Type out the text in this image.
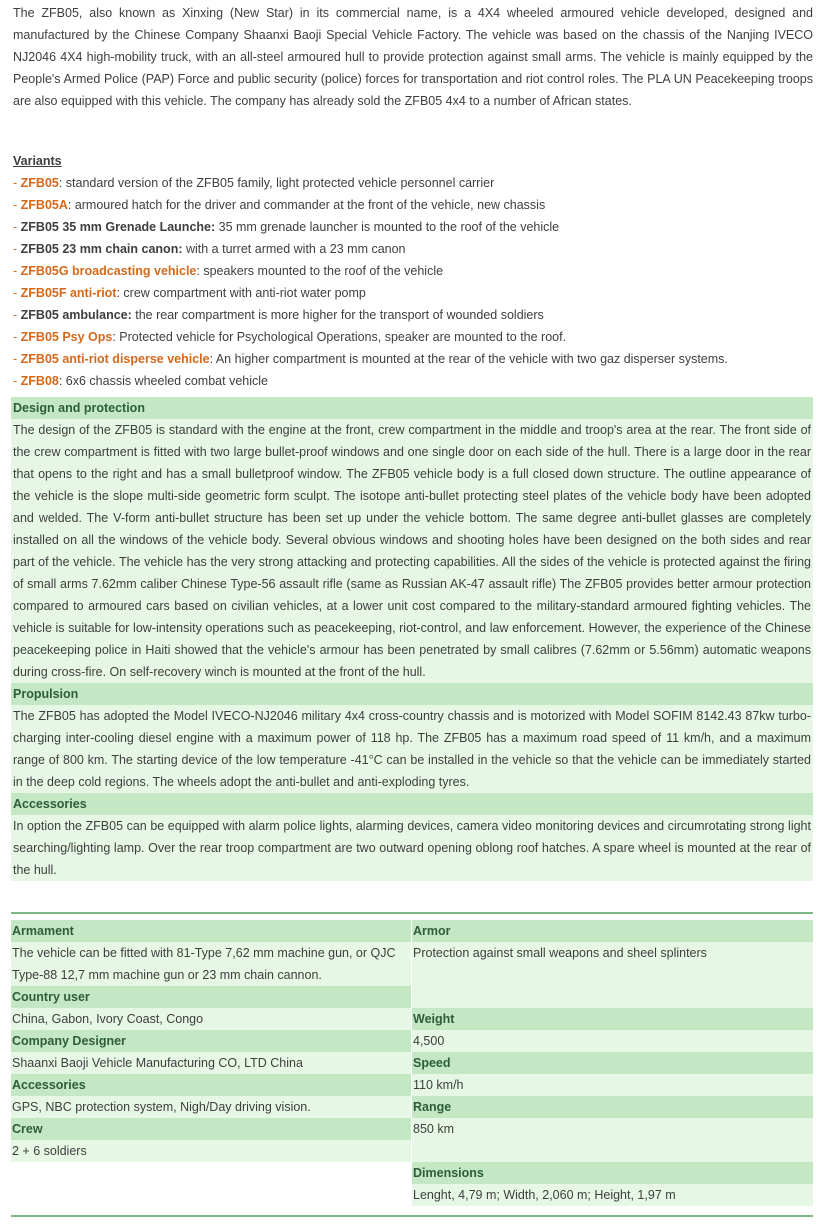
The ZFB05, also known as Xinxing (New Star) in its commercial name, is a 4X4 wheeled armoured vehicle developed, designed and manufactured by the Chinese Company Shaanxi Baoji Special Vehicle Factory. The vehicle was based on the chassis of the Nanjing IVECO NJ2046 4X4 high-mobility truck, with an all-steel armoured hull to provide protection against small arms. The vehicle is mainly equipped by the People's Armed Police (PAP) Force and public security (police) forces for transportation and riot control roles. The PLA UN Peacekeeping troops are also equipped with this vehicle. The company has already sold the ZFB05 4x4 to a number of African states.

Variants
- ZFB05: standard version of the ZFB05 family, light protected vehicle personnel carrier
- ZFB05A: armoured hatch for the driver and commander at the front of the vehicle, new chassis
- ZFB05 35 mm Grenade Launche: 35 mm grenade launcher is mounted to the roof of the vehicle
- ZFB05 23 mm chain canon: with a turret armed with a 23 mm canon
- ZFB05G broadcasting vehicle: speakers mounted to the roof of the vehicle
- ZFB05F anti-riot: crew compartment with anti-riot water pomp
- ZFB05 ambulance: the rear compartment is more higher for the transport of wounded soldiers
- ZFB05 Psy Ops: Protected vehicle for Psychological Operations, speaker are mounted to the roof.
- ZFB05 anti-riot disperse vehicle: An higher compartment is mounted at the rear of the vehicle with two gaz disperser systems.
- ZFB08: 6x6 chassis wheeled combat vehicle
Design and protection
The design of the ZFB05 is standard with the engine at the front, crew compartment in the middle and troop's area at the rear. The front side of the crew compartment is fitted with two large bullet-proof windows and one single door on each side of the hull. There is a large door in the rear that opens to the right and has a small bulletproof window. The ZFB05 vehicle body is a full closed down structure. The outline appearance of the vehicle is the slope multi-side geometric form sculpt. The isotope anti-bullet protecting steel plates of the vehicle body have been adopted and welded. The V-form anti-bullet structure has been set up under the vehicle bottom. The same degree anti-bullet glasses are completely installed on all the windows of the vehicle body. Several obvious windows and shooting holes have been designed on the both sides and rear part of the vehicle. The vehicle has the very strong attacking and protecting capabilities. All the sides of the vehicle is protected against the firing of small arms 7.62mm caliber Chinese Type-56 assault rifle (same as Russian AK-47 assault rifle) The ZFB05 provides better armour protection compared to armoured cars based on civilian vehicles, at a lower unit cost compared to the military-standard armoured fighting vehicles. The vehicle is suitable for low-intensity operations such as peacekeeping, riot-control, and law enforcement. However, the experience of the Chinese peacekeeping police in Haiti showed that the vehicle's armour has been penetrated by small calibres (7.62mm or 5.56mm) automatic weapons during cross-fire. On self-recovery winch is mounted at the front of the hull.
Propulsion
The ZFB05 has adopted the Model IVECO-NJ2046 military 4x4 cross-country chassis and is motorized with Model SOFIM 8142.43 87kw turbo-charging inter-cooling diesel engine with a maximum power of 118 hp. The ZFB05 has a maximum road speed of 11 km/h, and a maximum range of 800 km. The starting device of the low temperature -41°C can be installed in the vehicle so that the vehicle can be immediately started in the deep cold regions. The wheels adopt the anti-bullet and anti-exploding tyres.
Accessories
In option the ZFB05 can be equipped with alarm police lights, alarming devices, camera video monitoring devices and circumrotating strong light searching/lighting lamp. Over the rear troop compartment are two outward opening oblong roof hatches. A spare wheel is mounted at the rear of the hull.
Armament
The vehicle can be fitted with 81-Type 7,62 mm machine gun, or QJC Type-88 12,7 mm machine gun or 23 mm chain cannon.
Country user
China, Gabon, Ivory Coast, Congo
Company Designer
Shaanxi Baoji Vehicle Manufacturing CO, LTD China
Accessories
GPS, NBC protection system, Nigh/Day driving vision.
Crew
2 + 6 soldiers
Armor
Protection against small weapons and sheel splinters
Weight
4,500
Speed
110 km/h
Range
850 km
Dimensions
Lenght, 4,79 m; Width, 2,060 m; Height, 1,97 m
